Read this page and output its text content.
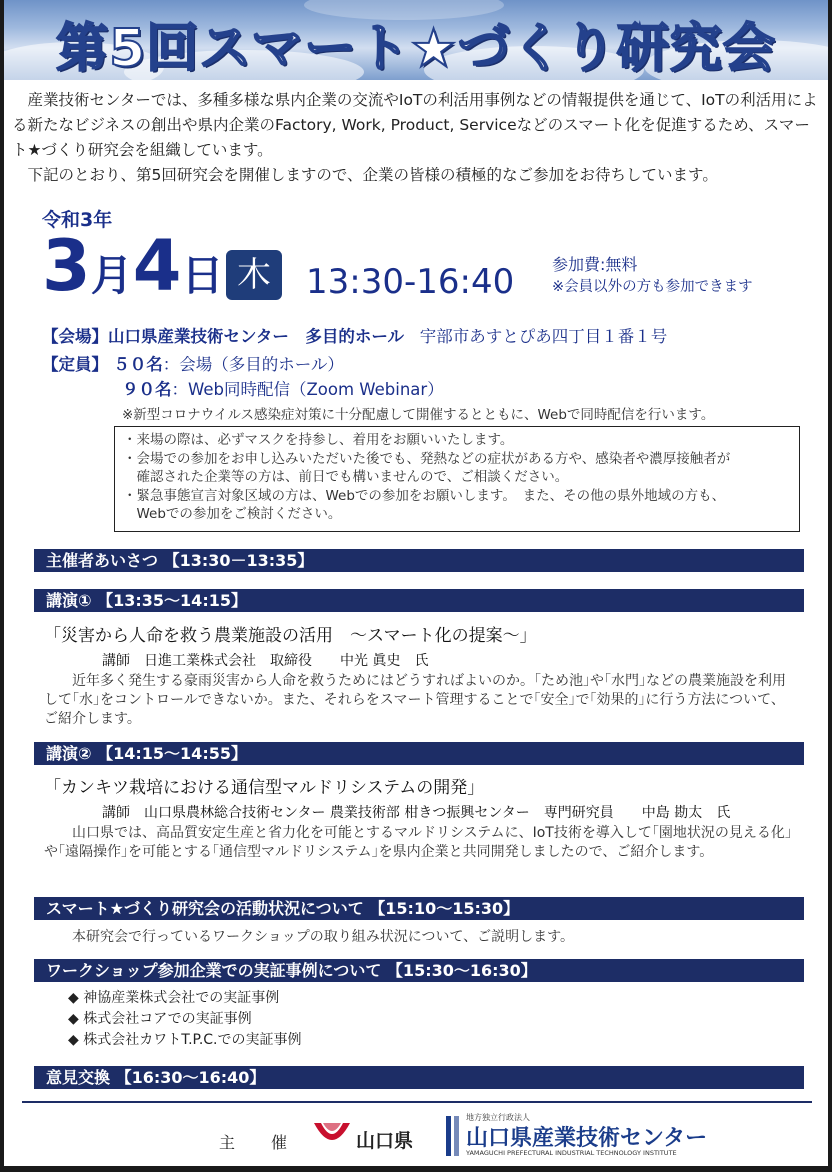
第5回スマート★づくり研究会

産業技術センターでは、多種多様な県内企業の交流やIoTの利活用事例などの情報提供を通じて、IoTの利活用による新たなビジネスの創出や県内企業のFactory, Work, Product, Serviceなどのスマート化を促進するため、スマート★づくり研究会を組織しています。

下記のとおり、第5回研究会を開催しますので、企業の皆様の積極的なご参加をお待ちしています。

令和3年
3月4日 木	13:30-16:40 参加費:無料
※会員以外の方も参加できます
【会場】山口県産業技術センター　多目的ホール 宇部市あすとぴあ四丁目１番１号
【定員】 ５０名：会場（多目的ホール）
９０名：Web同時配信（Zoom Webinar）
※新型コロナウイルス感染症対策に十分配慮して開催するとともに、Webで同時配信を行います。
・来場の際は、必ずマスクを持参し、着用をお願いいたします。
・会場での参加をお申し込みいただいた後でも、発熱などの症状がある方や、感染者や濃厚接触者が
　確認された企業等の方は、前日でも構いませんので、ご相談ください。
・緊急事態宣言対象区域の方は、Webでの参加をお願いします。　また、その他の県外地域の方も、
　Webでの参加をご検討ください。
主催者あいさつ 【13:30－13:35】
講演① 【13:35～14:15】
「災害から人命を救う農業施設の活用　～スマート化の提案～」
講師　日進工業株式会社　取締役　　中光 眞史　氏
近年多く発生する豪雨災害から人命を救うためにはどうすればよいのか。｢ため池｣や｢水門｣などの農業施設を利用して｢水｣をコントロールできないか。また、それらをスマート管理することで｢安全｣で｢効果的｣に行う方法について、ご紹介します。
講演② 【14:15～14:55】
「カンキツ栽培における通信型マルドリシステムの開発」
講師　山口県農林総合技術センター 農業技術部 柑きつ振興センター　専門研究員　　中島 勘太　氏
山口県では、高品質安定生産と省力化を可能とするマルドリシステムに、IoT技術を導入して｢園地状況の見える化｣や｢遠隔操作｣を可能とする｢通信型マルドリシステム｣を県内企業と共同開発しましたので、ご紹介します。
スマート★づくり研究会の活動状況について 【15:10～15:30】
本研究会で行っているワークショップの取り組み状況について、ご説明します。
ワークショップ参加企業での実証事例について 【15:30～16:30】
◆ 神協産業株式会社での実証事例
◆ 株式会社コアでの実証事例
◆ 株式会社カワトT.P.C.での実証事例
意見交換 【16:30～16:40】
主　催	山口県
地方独立行政法人
山口県産業技術センター
YAMAGUCHI PREFECTURAL INDUSTRIAL TECHNOLOGY INSTITUTE
